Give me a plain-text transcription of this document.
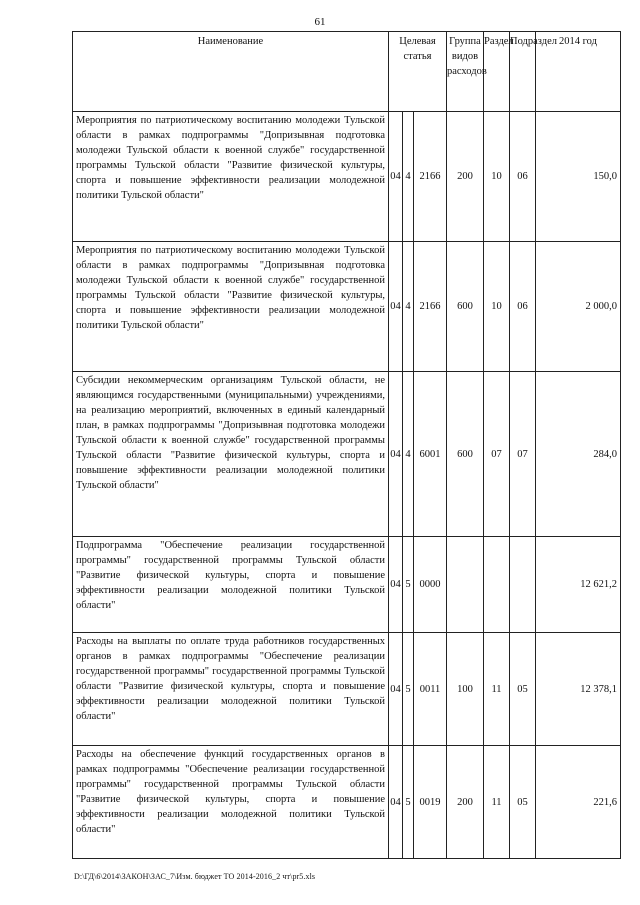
61
Наименование	Целевая статья			Группа видов расходов	Раздел	Подраздел	2014 год
Мероприятия по патриотическому воспитанию молодежи Тульской области в рамках подпрограммы "Допризывная подготовка молодежи Тульской области к военной службе" государственной программы Тульской области "Развитие физической культуры, спорта и повышение эффективности реализации молодежной политики Тульской области"	04	4	2166	200	10	06	150,0
Мероприятия по патриотическому воспитанию молодежи Тульской области в рамках подпрограммы "Допризывная подготовка молодежи Тульской области к военной службе" государственной программы Тульской области "Развитие физической культуры, спорта и повышение эффективности реализации молодежной политики Тульской области"	04	4	2166	600	10	06	2 000,0
Субсидии некоммерческим организациям Тульской области, не являющимся государственными (муниципальными) учреждениями, на реализацию мероприятий, включенных в единый календарный план, в рамках подпрограммы "Допризывная подготовка молодежи Тульской области к военной службе" государственной программы Тульской области "Развитие физической культуры, спорта и повышение эффективности реализации молодежной политики Тульской области"	04	4	6001	600	07	07	284,0
Подпрограмма "Обеспечение реализации государственной программы" государственной программы Тульской области "Развитие физической культуры, спорта и повышение эффективности реализации молодежной политики Тульской области"	04	5	0000				12 621,2
Расходы на выплаты по оплате труда работников государственных органов в рамках подпрограммы "Обеспечение реализации государственной программы" государственной программы Тульской области "Развитие физической культуры, спорта и повышение эффективности реализации молодежной политики Тульской области"	04	5	0011	100	11	05	12 378,1
Расходы на обеспечение функций государственных органов в рамках подпрограммы "Обеспечение реализации государственной программы" государственной программы Тульской области "Развитие физической культуры, спорта и повышение эффективности реализации молодежной политики Тульской области"	04	5	0019	200	11	05	221,6
D:\ГД\6\2014\ЗАКОН\ЗАС_7\Изм. бюджет ТО 2014-2016_2 чт\pr5.xls
